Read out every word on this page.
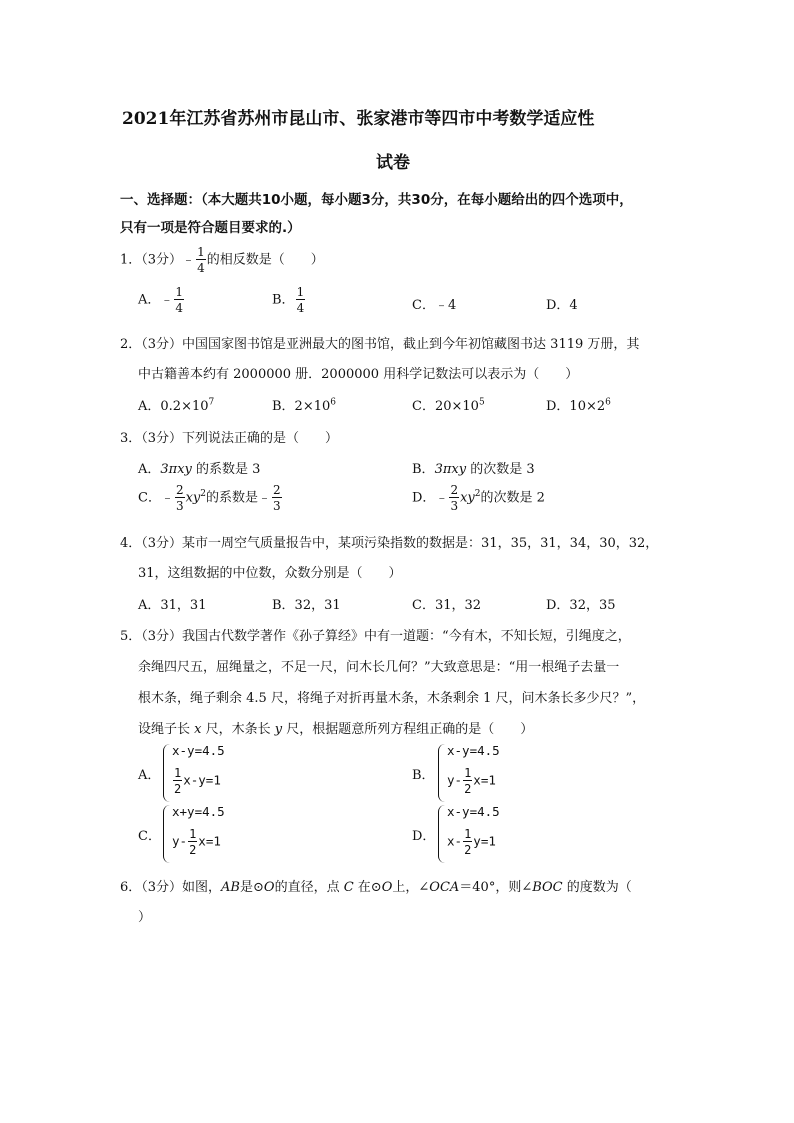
2021年江苏省苏州市昆山市、张家港市等四市中考数学适应性
试卷
一、选择题：（本大题共10小题，每小题3分，共30分，在每小题给出的四个选项中，
只有一项是符合题目要求的.）
1．（3分）﹣ $\frac{1}{4}$ 的相反数是（　　）
A．﹣ $\frac{1}{4}$	B． $\frac{1}{4}$	C．﹣4	D．4
2．（3分）中国国家图书馆是亚洲最大的图书馆，截止到今年初馆藏图书达 3119 万册，其
中古籍善本约有 2000000 册．2000000 用科学记数法可以表示为（　　）
A．$0.2\times 10^7$	B．$2\times 10^6$	C．$20\times 10^5$	D．$10\times 2^6$
3．（3分）下列说法正确的是（　　）
A．3πxy 的系数是 3	B．3πxy 的次数是 3
C．﹣ $\frac{2}{3} xy^2$的系数是﹣ $\frac{2}{3}$	D．﹣ $\frac{2}{3} xy^2$的次数是 2
4．（3分）某市一周空气质量报告中，某项污染指数的数据是：31，35，31，34，30，32，
31，这组数据的中位数，众数分别是（　　）
A．31，31	B．32，31	C．31，32	D．32，35
5．（3分）我国古代数学著作《孙子算经》中有一道题：“今有木，不知长短，引绳度之，
余绳四尺五，屈绳量之，不足一尺，问木长几何？”大致意思是：“用一根绳子去量一
根木条，绳子剩余 4.5 尺，将绳子对折再量木条，木条剩余 1 尺，问木条长多少尺？”，
设绳子长 x 尺，木条长 y 尺，根据题意所列方程组正确的是（　　）
A．
x-y=4.5
$\frac{1}{2} x-y=1$	B．
x-y=4.5
$y- \frac{1}{2} x=1$
C．
x+y=4.5
$y- \frac{1}{2} x=1$	D．
x-y=4.5
$x- \frac{1}{2} y=1$
6．（3分）如图，AB是⊙O的直径，点 C 在⊙O上，∠OCA＝40°，则∠BOC 的度数为（
）
